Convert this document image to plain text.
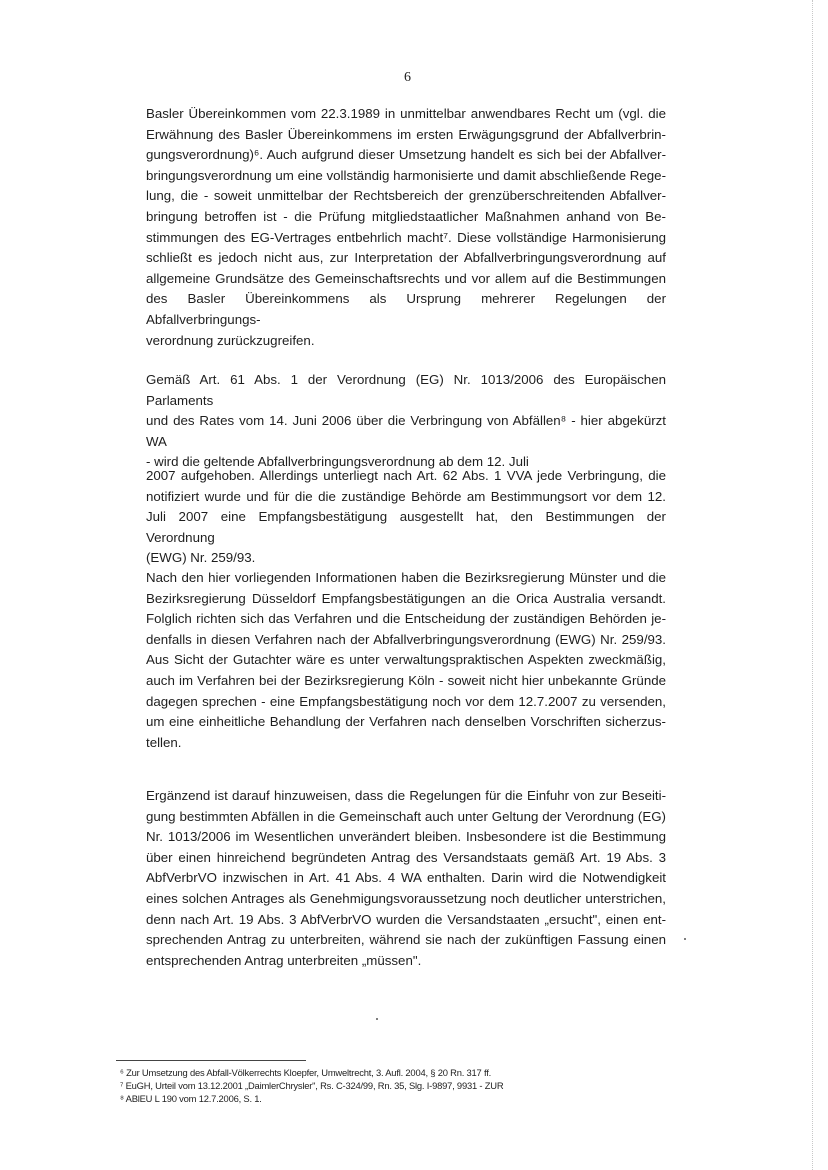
6
Basler Übereinkommen vom 22.3.1989 in unmittelbar anwendbares Recht um (vgl. die
Erwähnung des Basler Übereinkommens im ersten Erwägungsgrund der Abfallverbrin-
gungsverordnung)⁶. Auch aufgrund dieser Umsetzung handelt es sich bei der Abfallver-
bringungsverordnung um eine vollständig harmonisierte und damit abschließende Rege-
lung, die - soweit unmittelbar der Rechtsbereich der grenzüberschreitenden Abfallver-
bringung betroffen ist - die Prüfung mitgliedstaatlicher Maßnahmen anhand von Be-
stimmungen des EG-Vertrages entbehrlich macht⁷. Diese vollständige Harmonisierung
schließt es jedoch nicht aus, zur Interpretation der Abfallverbringungsverordnung auf
allgemeine Grundsätze des Gemeinschaftsrechts und vor allem auf die Bestimmungen
des Basler Übereinkommens als Ursprung mehrerer Regelungen der Abfallverbringungs-
verordnung zurückzugreifen.
Gemäß Art. 61 Abs. 1 der Verordnung (EG) Nr. 1013/2006 des Europäischen Parlaments
und des Rates vom 14. Juni 2006 über die Verbringung von Abfällen⁸ - hier abgekürzt WA
- wird die geltende Abfallverbringungsverordnung ab dem 12. Juli
2007 aufgehoben. Allerdings unterliegt nach Art. 62 Abs. 1 VVA jede Verbringung, die
notifiziert wurde und für die die zuständige Behörde am Bestimmungsort vor dem 12.
Juli 2007 eine Empfangsbestätigung ausgestellt hat, den Bestimmungen der Verordnung
(EWG) Nr. 259/93.
Nach den hier vorliegenden Informationen haben die Bezirksregierung Münster und die
Bezirksregierung Düsseldorf Empfangsbestätigungen an die Orica Australia versandt.
Folglich richten sich das Verfahren und die Entscheidung der zuständigen Behörden je-
denfalls in diesen Verfahren nach der Abfallverbringungsverordnung (EWG) Nr. 259/93.
Aus Sicht der Gutachter wäre es unter verwaltungspraktischen Aspekten zweckmäßig,
auch im Verfahren bei der Bezirksregierung Köln - soweit nicht hier unbekannte Gründe
dagegen sprechen - eine Empfangsbestätigung noch vor dem 12.7.2007 zu versenden,
um eine einheitliche Behandlung der Verfahren nach denselben Vorschriften sicherzus-
tellen.
Ergänzend ist darauf hinzuweisen, dass die Regelungen für die Einfuhr von zur Beseiti-
gung bestimmten Abfällen in die Gemeinschaft auch unter Geltung der Verordnung (EG)
Nr. 1013/2006 im Wesentlichen unverändert bleiben. Insbesondere ist die Bestimmung
über einen hinreichend begründeten Antrag des Versandstaats gemäß Art. 19 Abs. 3
AbfVerbrVO inzwischen in Art. 41 Abs. 4 WA enthalten. Darin wird die Notwendigkeit
eines solchen Antrages als Genehmigungsvoraussetzung noch deutlicher unterstrichen,
denn nach Art. 19 Abs. 3 AbfVerbrVO wurden die Versandstaaten „ersucht", einen ent-
sprechenden Antrag zu unterbreiten, während sie nach der zukünftigen Fassung einen
entsprechenden Antrag unterbreiten „müssen".
⁶ Zur Umsetzung des Abfall-Völkerrechts Kloepfer, Umweltrecht, 3. Aufl. 2004, § 20 Rn. 317 ff.
⁷ EuGH, Urteil vom 13.12.2001 „DaimlerChrysler", Rs. C-324/99, Rn. 35, Slg. I-9897, 9931 - ZUR
⁸ ABlEU L 190 vom 12.7.2006, S. 1.
